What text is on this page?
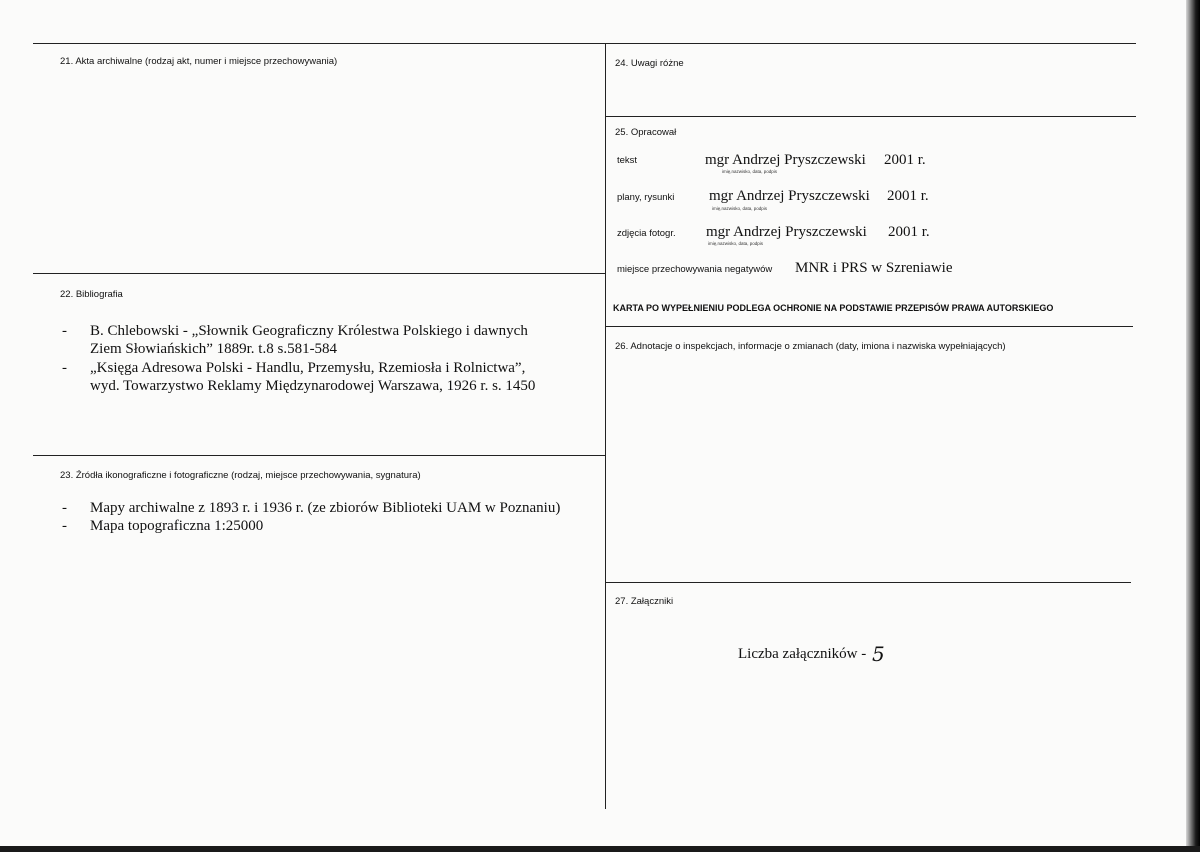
21. Akta archiwalne (rodzaj akt, numer i miejsce przechowywania)
22. Bibliografia
- B. Chlebowski - „Słownik Geograficzny Królestwa Polskiego i dawnych
Ziem Słowiańskich” 1889r. t.8 s.581-584
- „Księga Adresowa Polski - Handlu, Przemysłu, Rzemiosła i Rolnictwa”,
wyd. Towarzystwo Reklamy Międzynarodowej Warszawa, 1926 r. s. 1450
23. Źródła ikonograficzne i fotograficzne (rodzaj, miejsce przechowywania, sygnatura)
- Mapy archiwalne z 1893 r. i 1936 r. (ze zbiorów Biblioteki UAM w Poznaniu)
- Mapa topograficzna 1:25000
24. Uwagi różne
25. Opracował
tekst	mgr Andrzej Pryszczewski 2001 r.
imię,nazwisko, data, podpis
plany, rysunki mgr Andrzej Pryszczewski 2001 r.
imię,nazwisko, data, podpis
zdjęcia fotogr. mgr Andrzej Pryszczewski 2001 r.
imię,nazwisko, data, podpis
miejsce przechowywania negatywów MNR i PRS w Szreniawie
KARTA PO WYPEŁNIENIU PODLEGA OCHRONIE NA PODSTAWIE PRZEPISÓW PRAWA AUTORSKIEGO
26. Adnotacje o inspekcjach, informacje o zmianach (daty, imiona i nazwiska wypełniających)
27. Załączniki
Liczba załączników - 5
